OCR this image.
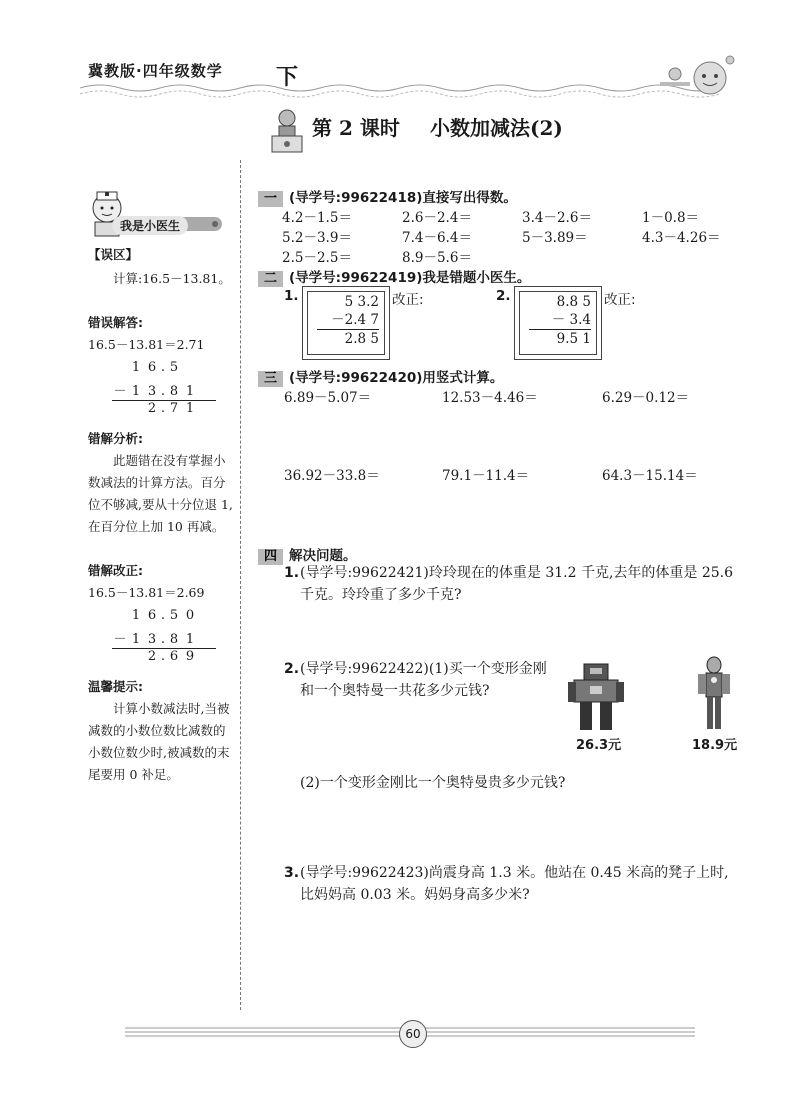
冀教版·四年级数学 下
第 2 课时 小数加减法(2)
我是小医生
【误区】
计算:16.5－13.81。
错误解答:
16.5－13.81＝2.71
1 6 . 5
－ 1 3 . 8 1
2 . 7 1
错解分析:
此题错在没有掌握小数减法的计算方法。百分位不够减,要从十分位退 1,在百分位上加 10 再减。
错解改正:
16.5－13.81＝2.69
1 6 . 5 0
－ 1 3 . 8 1
2 . 6 9
温馨提示:
计算小数减法时,当被减数的小数位数比减数的小数位数少时,被减数的末尾要用 0 补足。
一 (导学号:99622418)直接写出得数。
4.2－1.5＝	2.6－2.4＝	3.4－2.6＝	1－0.8＝
5.2－3.9＝	7.4－6.4＝	5－3.89＝	4.3－4.26＝
2.5－2.5＝	8.9－5.6＝
二 (导学号:99622419)我是错题小医生。
1.	5 3.2
－2.4 7
2.8 5
改正:	2.	8.8 5
－ 3.4
9.5 1
改正:
三 (导学号:99622420)用竖式计算。
6.89－5.07＝	12.53－4.46＝	6.29－0.12＝
36.92－33.8＝	79.1－11.4＝	64.3－15.14＝
四 解决问题。
1. (导学号:99622421)玲玲现在的体重是 31.2 千克,去年的体重是 25.6 千克。玲玲重了多少千克?
2. (导学号:99622422)(1)买一个变形金刚和一个奥特曼一共花多少元钱?
26.3元	18.9元
(2)一个变形金刚比一个奥特曼贵多少元钱?
3. (导学号:99622423)尚震身高 1.3 米。他站在 0.45 米高的凳子上时,比妈妈高 0.03 米。妈妈身高多少米?
60
